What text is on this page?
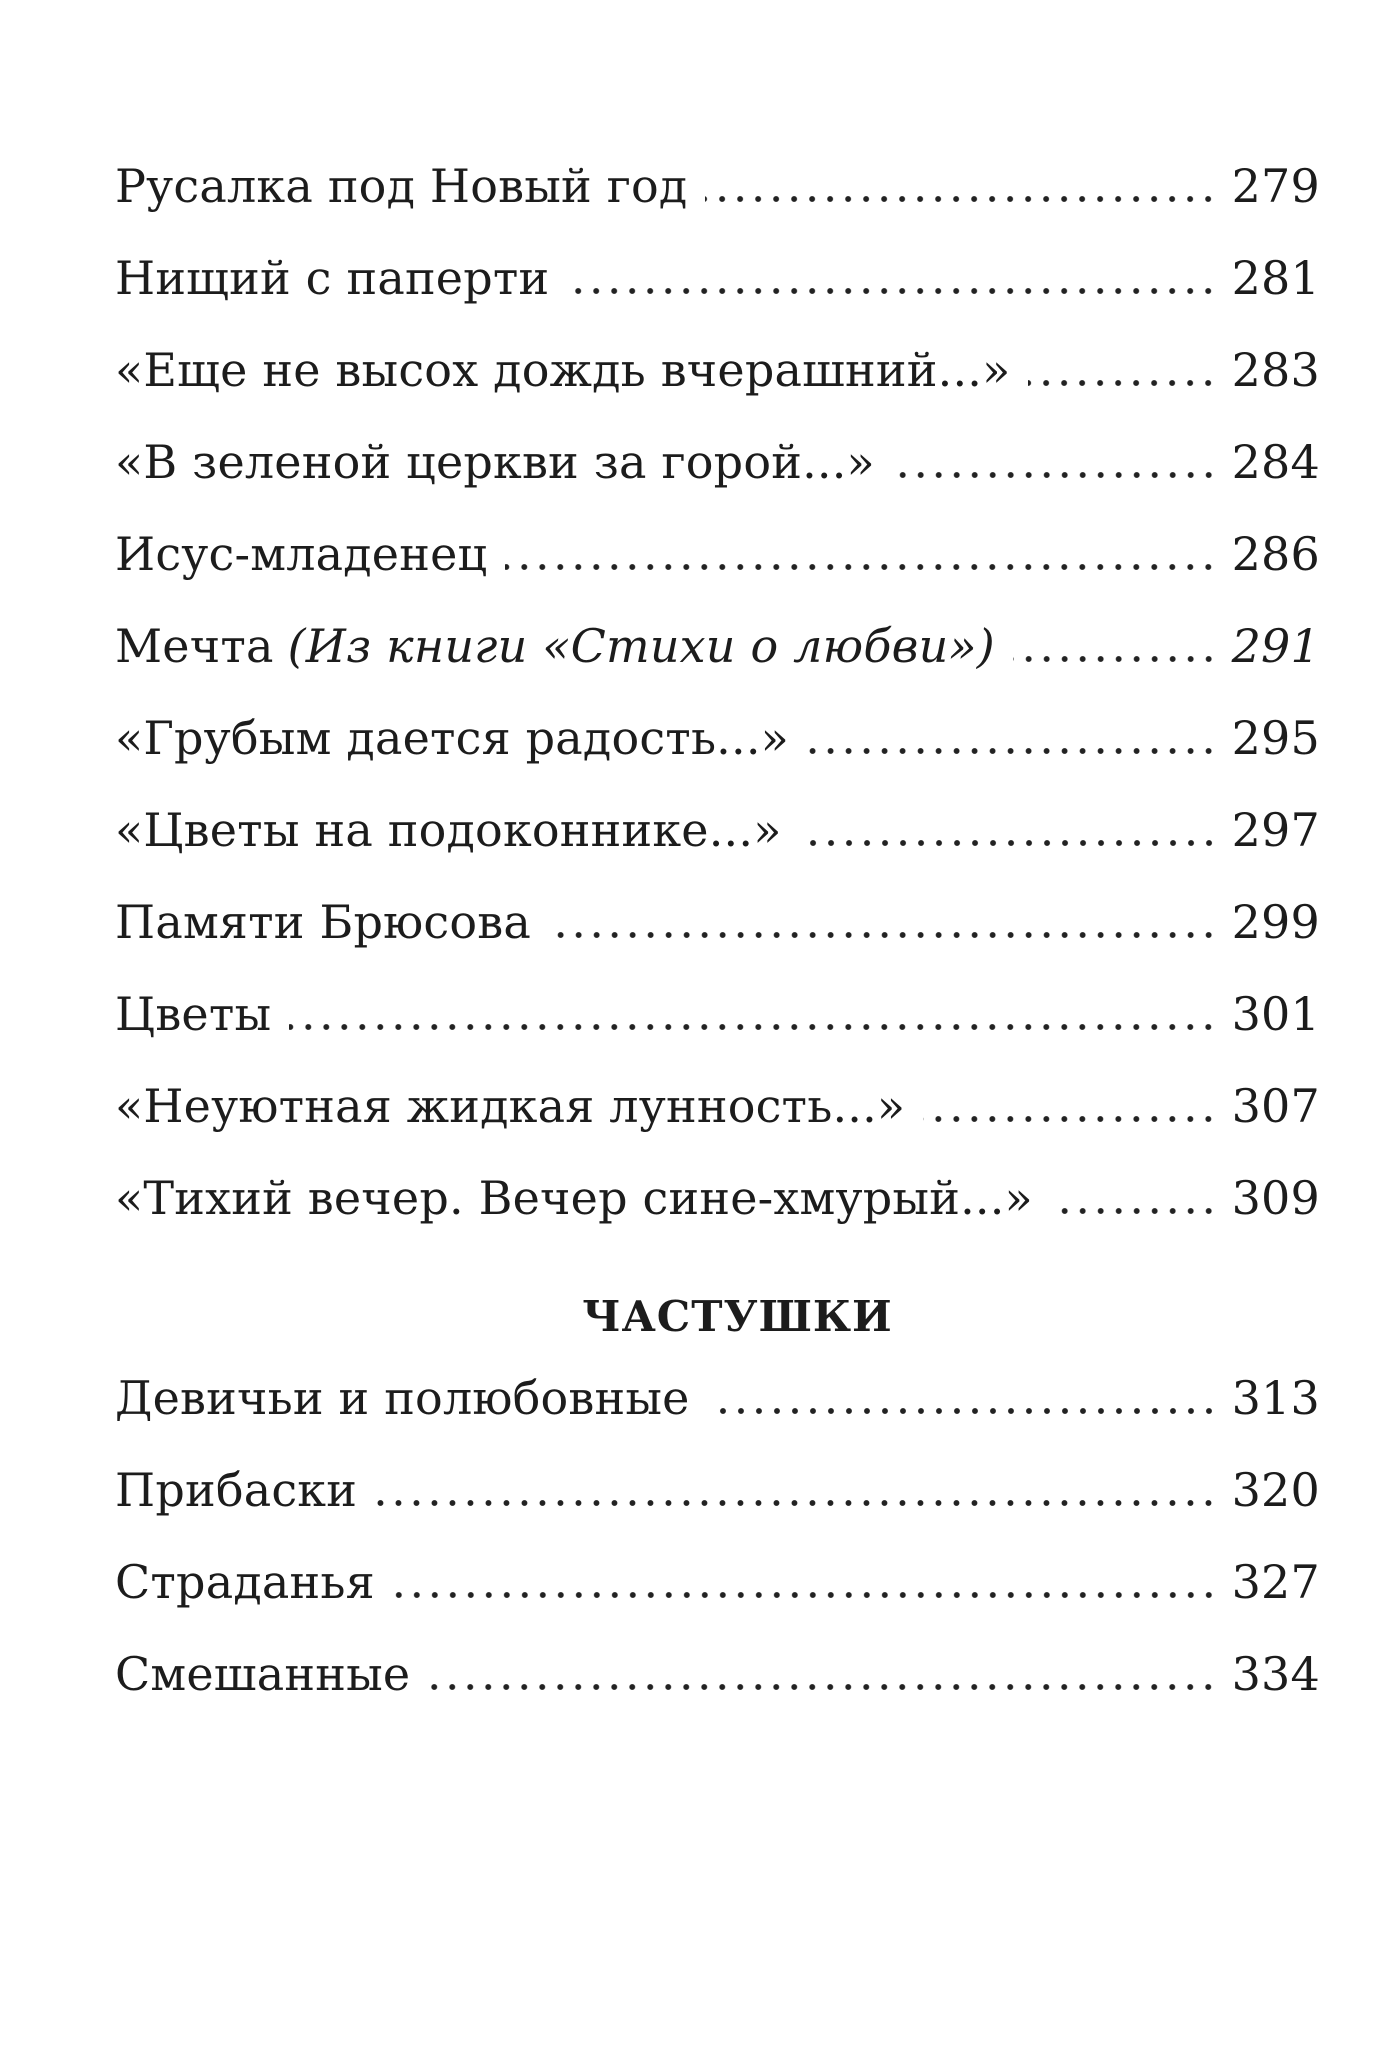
Русалка под Новый год	279
Нищий с паперти	281
«Еще не высох дождь вчерашний...»	283
«В зеленой церкви за горой...»	284
Исус-младенец	286
Мечта (Из книги «Стихи о любви»)	291
«Грубым дается радость...»	295
«Цветы на подоконнике...»	297
Памяти Брюсова	299
Цветы	301
«Неуютная жидкая лунность...»	307
«Тихий вечер. Вечер сине-хмурый...»	309
ЧАСТУШКИ
Девичьи и полюбовные	313
Прибаски	320
Страданья	327
Смешанные	334
